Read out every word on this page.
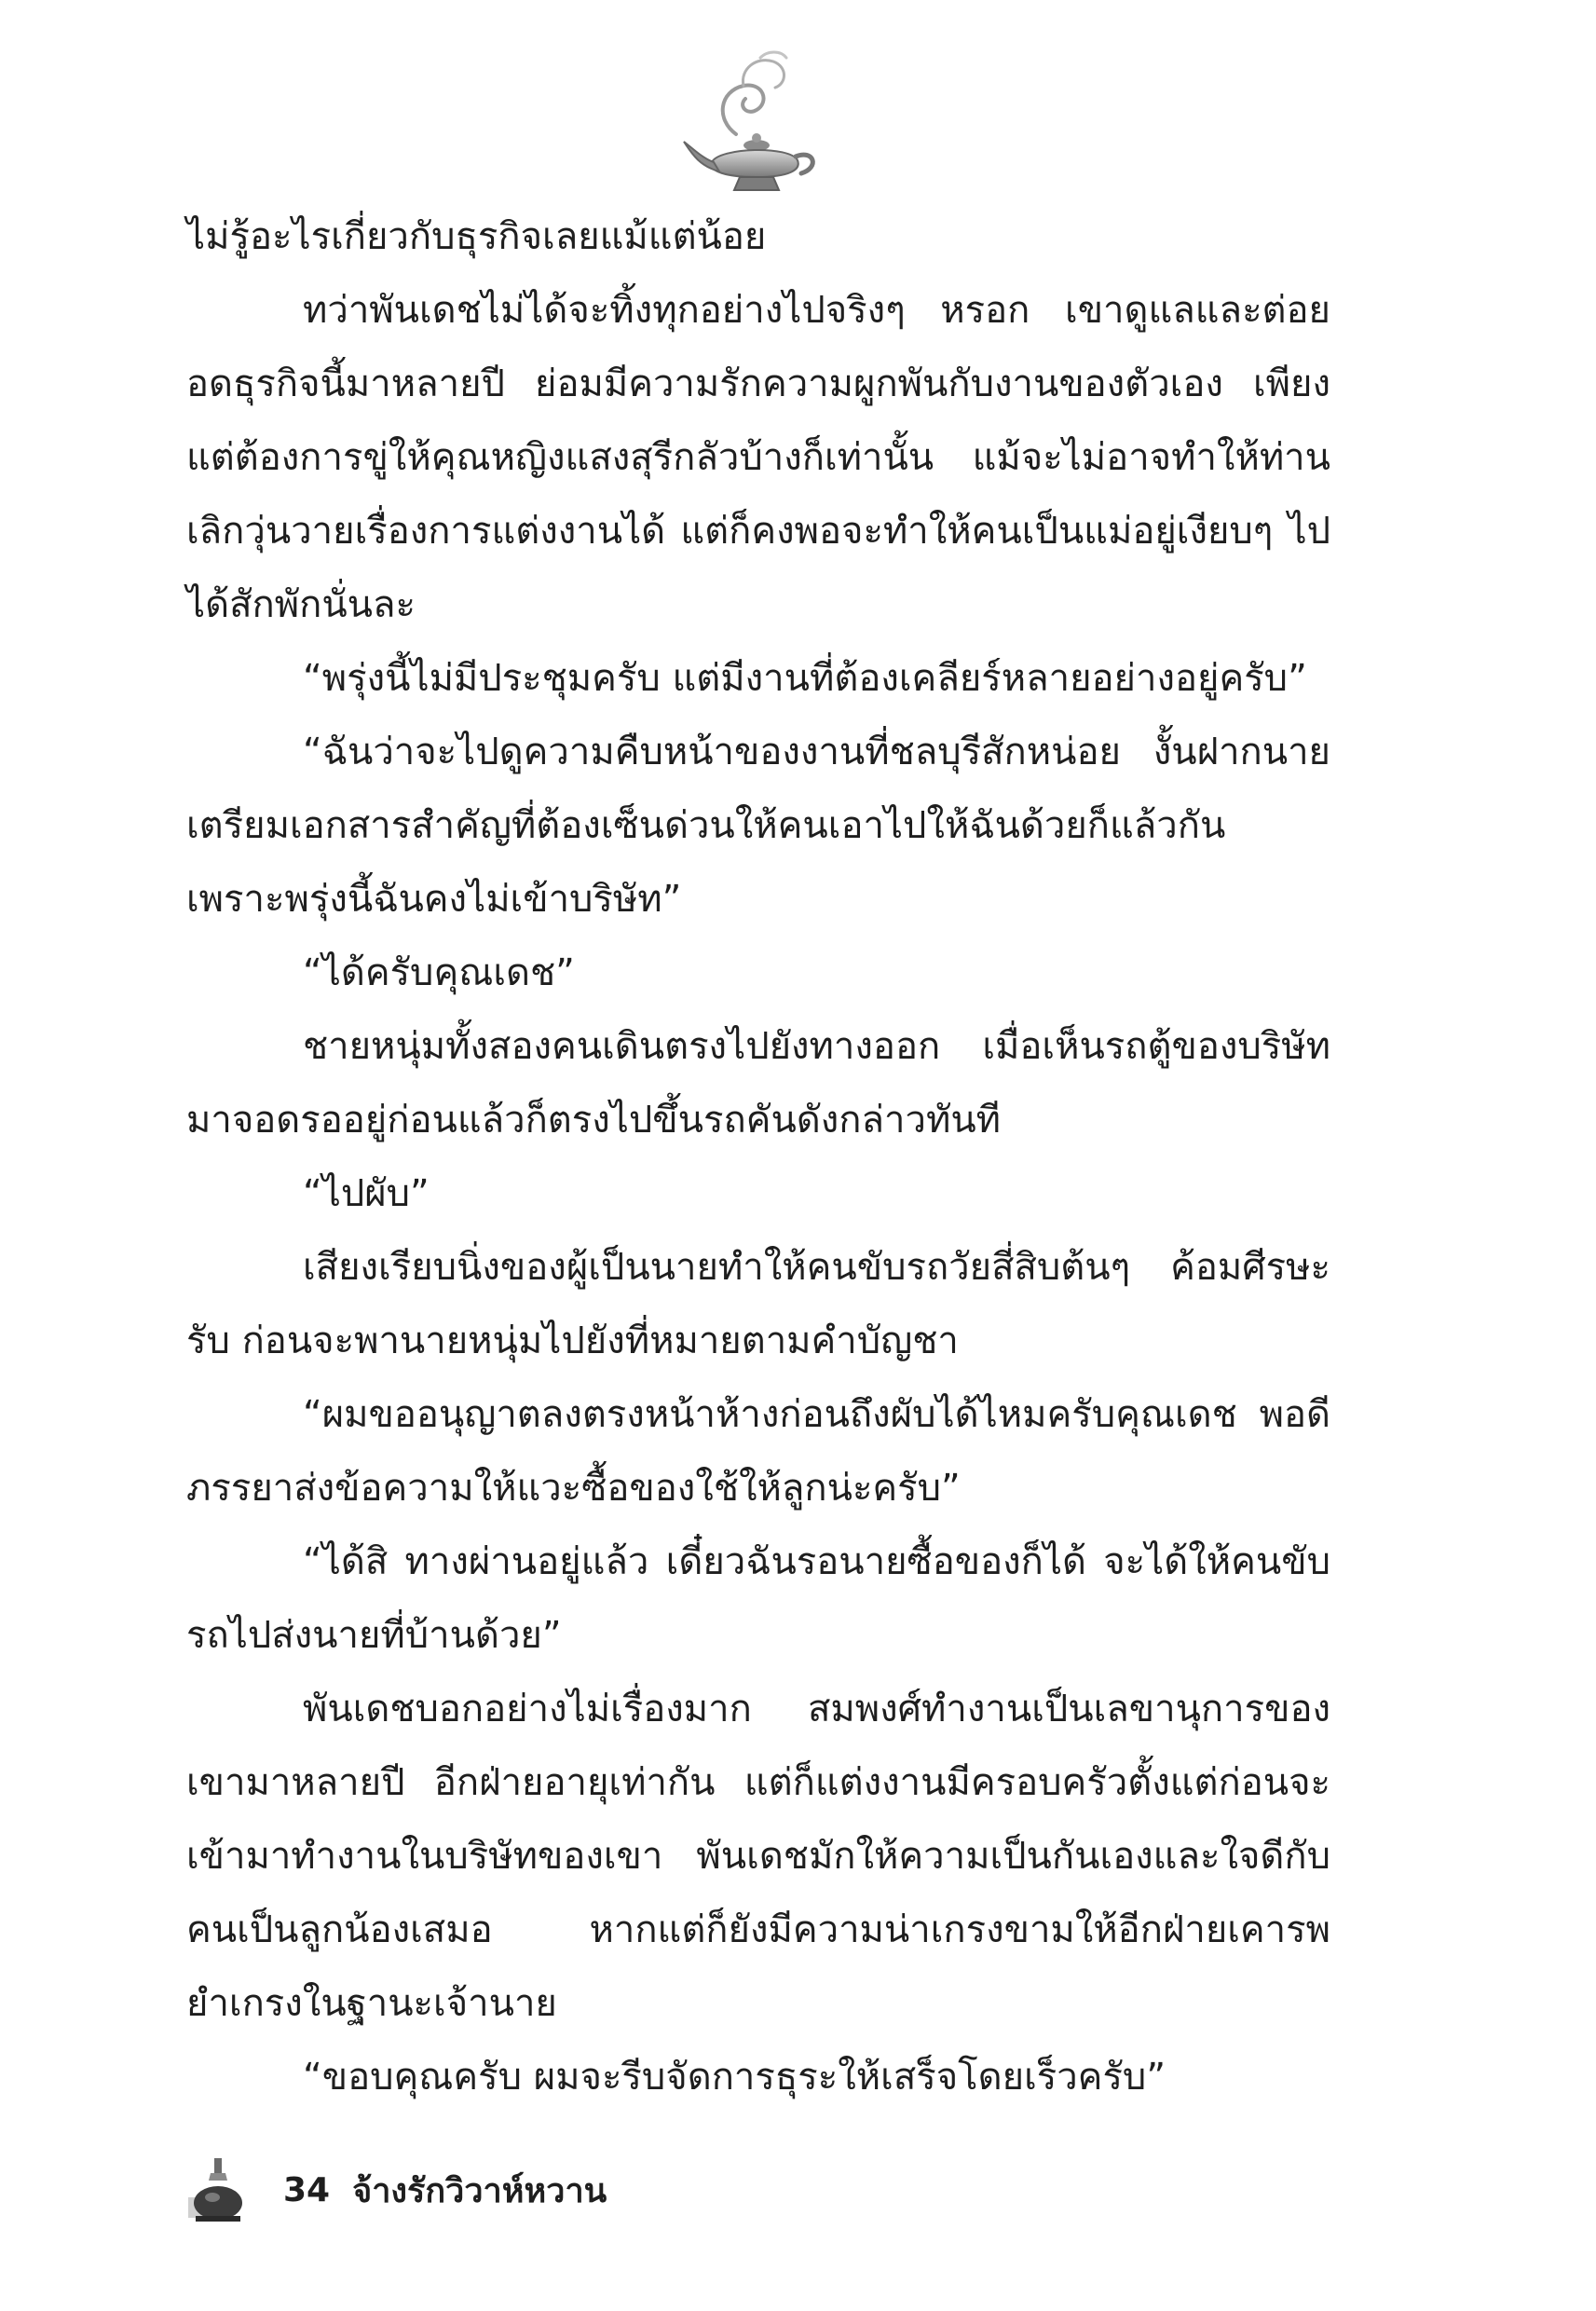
ไม่รู้อะไรเกี่ยวกับธุรกิจเลยแม้แต่น้อย

ทว่าพันเดชไม่ได้จะทิ้งทุกอย่างไปจริงๆ หรอก เขาดูแลและต่อยอดธุรกิจนี้มาหลายปี ย่อมมีความรักความผูกพันกับงานของตัวเอง เพียงแต่ต้องการขู่ให้คุณหญิงแสงสุรีกลัวบ้างก็เท่านั้น แม้จะไม่อาจทำให้ท่านเลิกวุ่นวายเรื่องการแต่งงานได้ แต่ก็คงพอจะทำให้คนเป็นแม่อยู่เงียบๆ ไปได้สักพักนั่นละ

“พรุ่งนี้ไม่มีประชุมครับ แต่มีงานที่ต้องเคลียร์หลายอย่างอยู่ครับ”

“ฉันว่าจะไปดูความคืบหน้าของงานที่ชลบุรีสักหน่อย งั้นฝากนายเตรียมเอกสารสำคัญที่ต้องเซ็นด่วนให้คนเอาไปให้ฉันด้วยก็แล้วกัน เพราะพรุ่งนี้ฉันคงไม่เข้าบริษัท”

“ได้ครับคุณเดช”

ชายหนุ่มทั้งสองคนเดินตรงไปยังทางออก เมื่อเห็นรถตู้ของบริษัทมาจอดรออยู่ก่อนแล้วก็ตรงไปขึ้นรถคันดังกล่าวทันที

“ไปผับ”

เสียงเรียบนิ่งของผู้เป็นนายทำให้คนขับรถวัยสี่สิบต้นๆ ค้อมศีรษะรับ ก่อนจะพานายหนุ่มไปยังที่หมายตามคำบัญชา

“ผมขออนุญาตลงตรงหน้าห้างก่อนถึงผับได้ไหมครับคุณเดช พอดีภรรยาส่งข้อความให้แวะซื้อของใช้ให้ลูกน่ะครับ”

“ได้สิ ทางผ่านอยู่แล้ว เดี๋ยวฉันรอนายซื้อของก็ได้ จะได้ให้คนขับรถไปส่งนายที่บ้านด้วย”

พันเดชบอกอย่างไม่เรื่องมาก สมพงศ์ทำงานเป็นเลขานุการของเขามาหลายปี อีกฝ่ายอายุเท่ากัน แต่ก็แต่งงานมีครอบครัวตั้งแต่ก่อนจะเข้ามาทำงานในบริษัทของเขา พันเดชมักให้ความเป็นกันเองและใจดีกับคนเป็นลูกน้องเสมอ หากแต่ก็ยังมีความน่าเกรงขามให้อีกฝ่ายเคารพยำเกรงในฐานะเจ้านาย

“ขอบคุณครับ ผมจะรีบจัดการธุระให้เสร็จโดยเร็วครับ”

34 จ้างรักวิวาห์หวาน
